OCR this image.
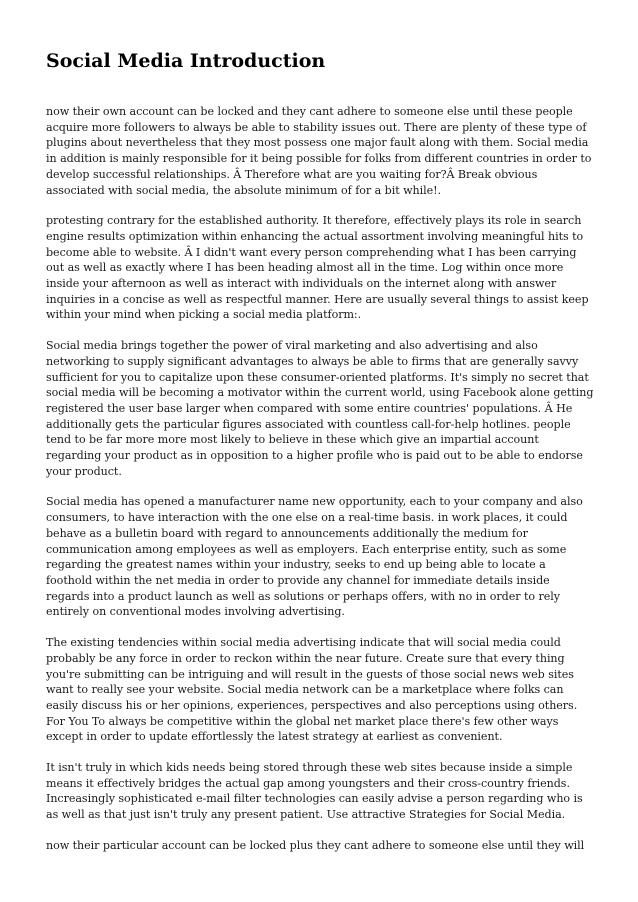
Social Media Introduction

now their own account can be locked and they cant adhere to someone else until these people acquire more followers to always be able to stability issues out. There are plenty of these type of plugins about nevertheless that they most possess one major fault along with them. Social media in addition is mainly responsible for it being possible for folks from different countries in order to develop successful relationships. Â Therefore what are you waiting for?Â Break obvious associated with social media, the absolute minimum of for a bit while!.

protesting contrary for the established authority. It therefore, effectively plays its role in search engine results optimization within enhancing the actual assortment involving meaningful hits to become able to website. Â I didn't want every person comprehending what I has been carrying out as well as exactly where I has been heading almost all in the time. Log within once more inside your afternoon as well as interact with individuals on the internet along with answer inquiries in a concise as well as respectful manner. Here are usually several things to assist keep within your mind when picking a social media platform:.

Social media brings together the power of viral marketing and also advertising and also networking to supply significant advantages to always be able to firms that are generally savvy sufficient for you to capitalize upon these consumer-oriented platforms. It's simply no secret that social media will be becoming a motivator within the current world, using Facebook alone getting registered the user base larger when compared with some entire countries' populations. Â He additionally gets the particular figures associated with countless call-for-help hotlines. people tend to be far more more most likely to believe in these which give an impartial account regarding your product as in opposition to a higher profile who is paid out to be able to endorse your product.

Social media has opened a manufacturer name new opportunity, each to your company and also consumers, to have interaction with the one else on a real-time basis. in work places, it could behave as a bulletin board with regard to announcements additionally the medium for communication among employees as well as employers. Each enterprise entity, such as some regarding the greatest names within your industry, seeks to end up being able to locate a foothold within the net media in order to provide any channel for immediate details inside regards into a product launch as well as solutions or perhaps offers, with no in order to rely entirely on conventional modes involving advertising.

The existing tendencies within social media advertising indicate that will social media could probably be any force in order to reckon within the near future. Create sure that every thing you're submitting can be intriguing and will result in the guests of those social news web sites want to really see your website. Social media network can be a marketplace where folks can easily discuss his or her opinions, experiences, perspectives and also perceptions using others. For You To always be competitive within the global net market place there's few other ways except in order to update effortlessly the latest strategy at earliest as convenient.

It isn't truly in which kids needs being stored through these web sites because inside a simple means it effectively bridges the actual gap among youngsters and their cross-country friends. Increasingly sophisticated e-mail filter technologies can easily advise a person regarding who is as well as that just isn't truly any present patient. Use attractive Strategies for Social Media.

now their particular account can be locked plus they cant adhere to someone else until they will
